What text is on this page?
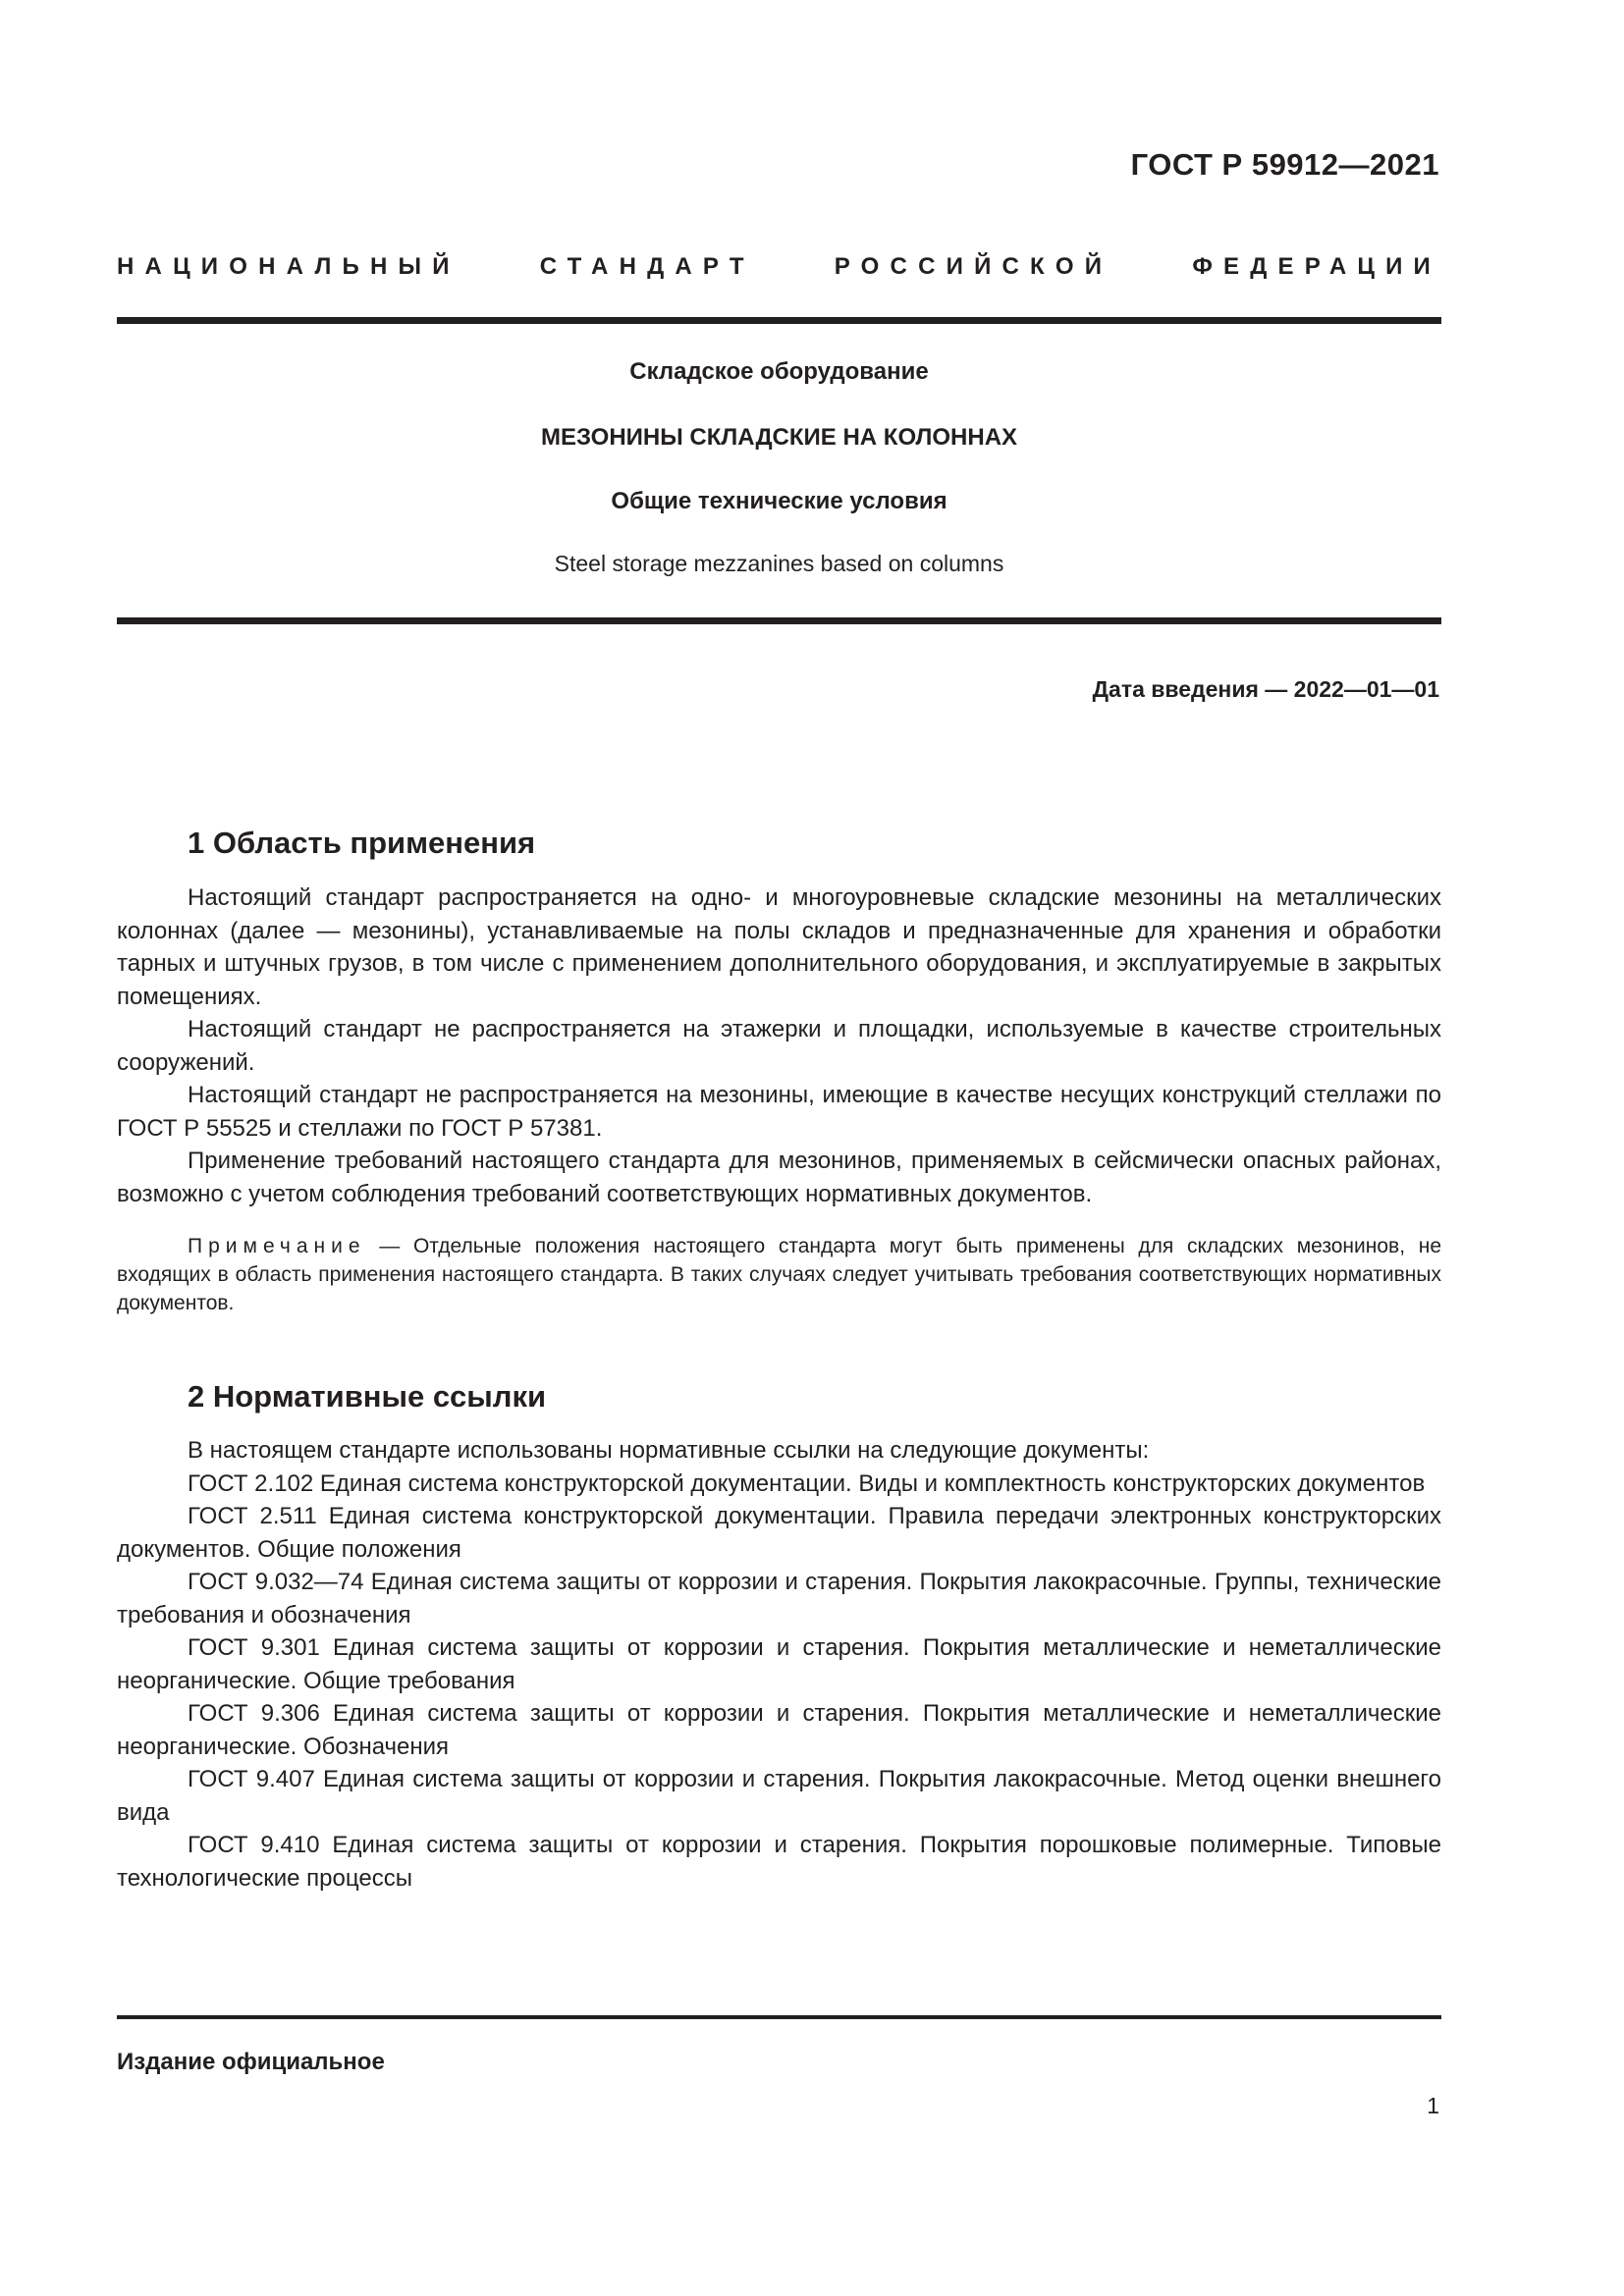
ГОСТ Р 59912—2021
НАЦИОНАЛЬНЫЙ СТАНДАРТ РОССИЙСКОЙ ФЕДЕРАЦИИ
Складское оборудование
МЕЗОНИНЫ СКЛАДСКИЕ НА КОЛОННАХ
Общие технические условия
Steel storage mezzanines based on columns
Дата введения — 2022—01—01
1 Область применения

Настоящий стандарт распространяется на одно- и многоуровневые складские мезонины на металлических колоннах (далее — мезонины), устанавливаемые на полы складов и предназначенные для хранения и обработки тарных и штучных грузов, в том числе с применением дополнительного оборудования, и эксплуатируемые в закрытых помещениях.

Настоящий стандарт не распространяется на этажерки и площадки, используемые в качестве строительных сооружений.

Настоящий стандарт не распространяется на мезонины, имеющие в качестве несущих конструкций стеллажи по ГОСТ Р 55525 и стеллажи по ГОСТ Р 57381.

Применение требований настоящего стандарта для мезонинов, применяемых в сейсмически опасных районах, возможно с учетом соблюдения требований соответствующих нормативных документов.

Примечание — Отдельные положения настоящего стандарта могут быть применены для складских мезонинов, не входящих в область применения настоящего стандарта. В таких случаях следует учитывать требования соответствующих нормативных документов.

2 Нормативные ссылки

В настоящем стандарте использованы нормативные ссылки на следующие документы:

ГОСТ 2.102 Единая система конструкторской документации. Виды и комплектность конструкторских документов

ГОСТ 2.511 Единая система конструкторской документации. Правила передачи электронных конструкторских документов. Общие положения

ГОСТ 9.032—74 Единая система защиты от коррозии и старения. Покрытия лакокрасочные. Группы, технические требования и обозначения

ГОСТ 9.301 Единая система защиты от коррозии и старения. Покрытия металлические и неметаллические неорганические. Общие требования

ГОСТ 9.306 Единая система защиты от коррозии и старения. Покрытия металлические и неметаллические неорганические. Обозначения

ГОСТ 9.407 Единая система защиты от коррозии и старения. Покрытия лакокрасочные. Метод оценки внешнего вида

ГОСТ 9.410 Единая система защиты от коррозии и старения. Покрытия порошковые полимерные. Типовые технологические процессы

Издание официальное
1
